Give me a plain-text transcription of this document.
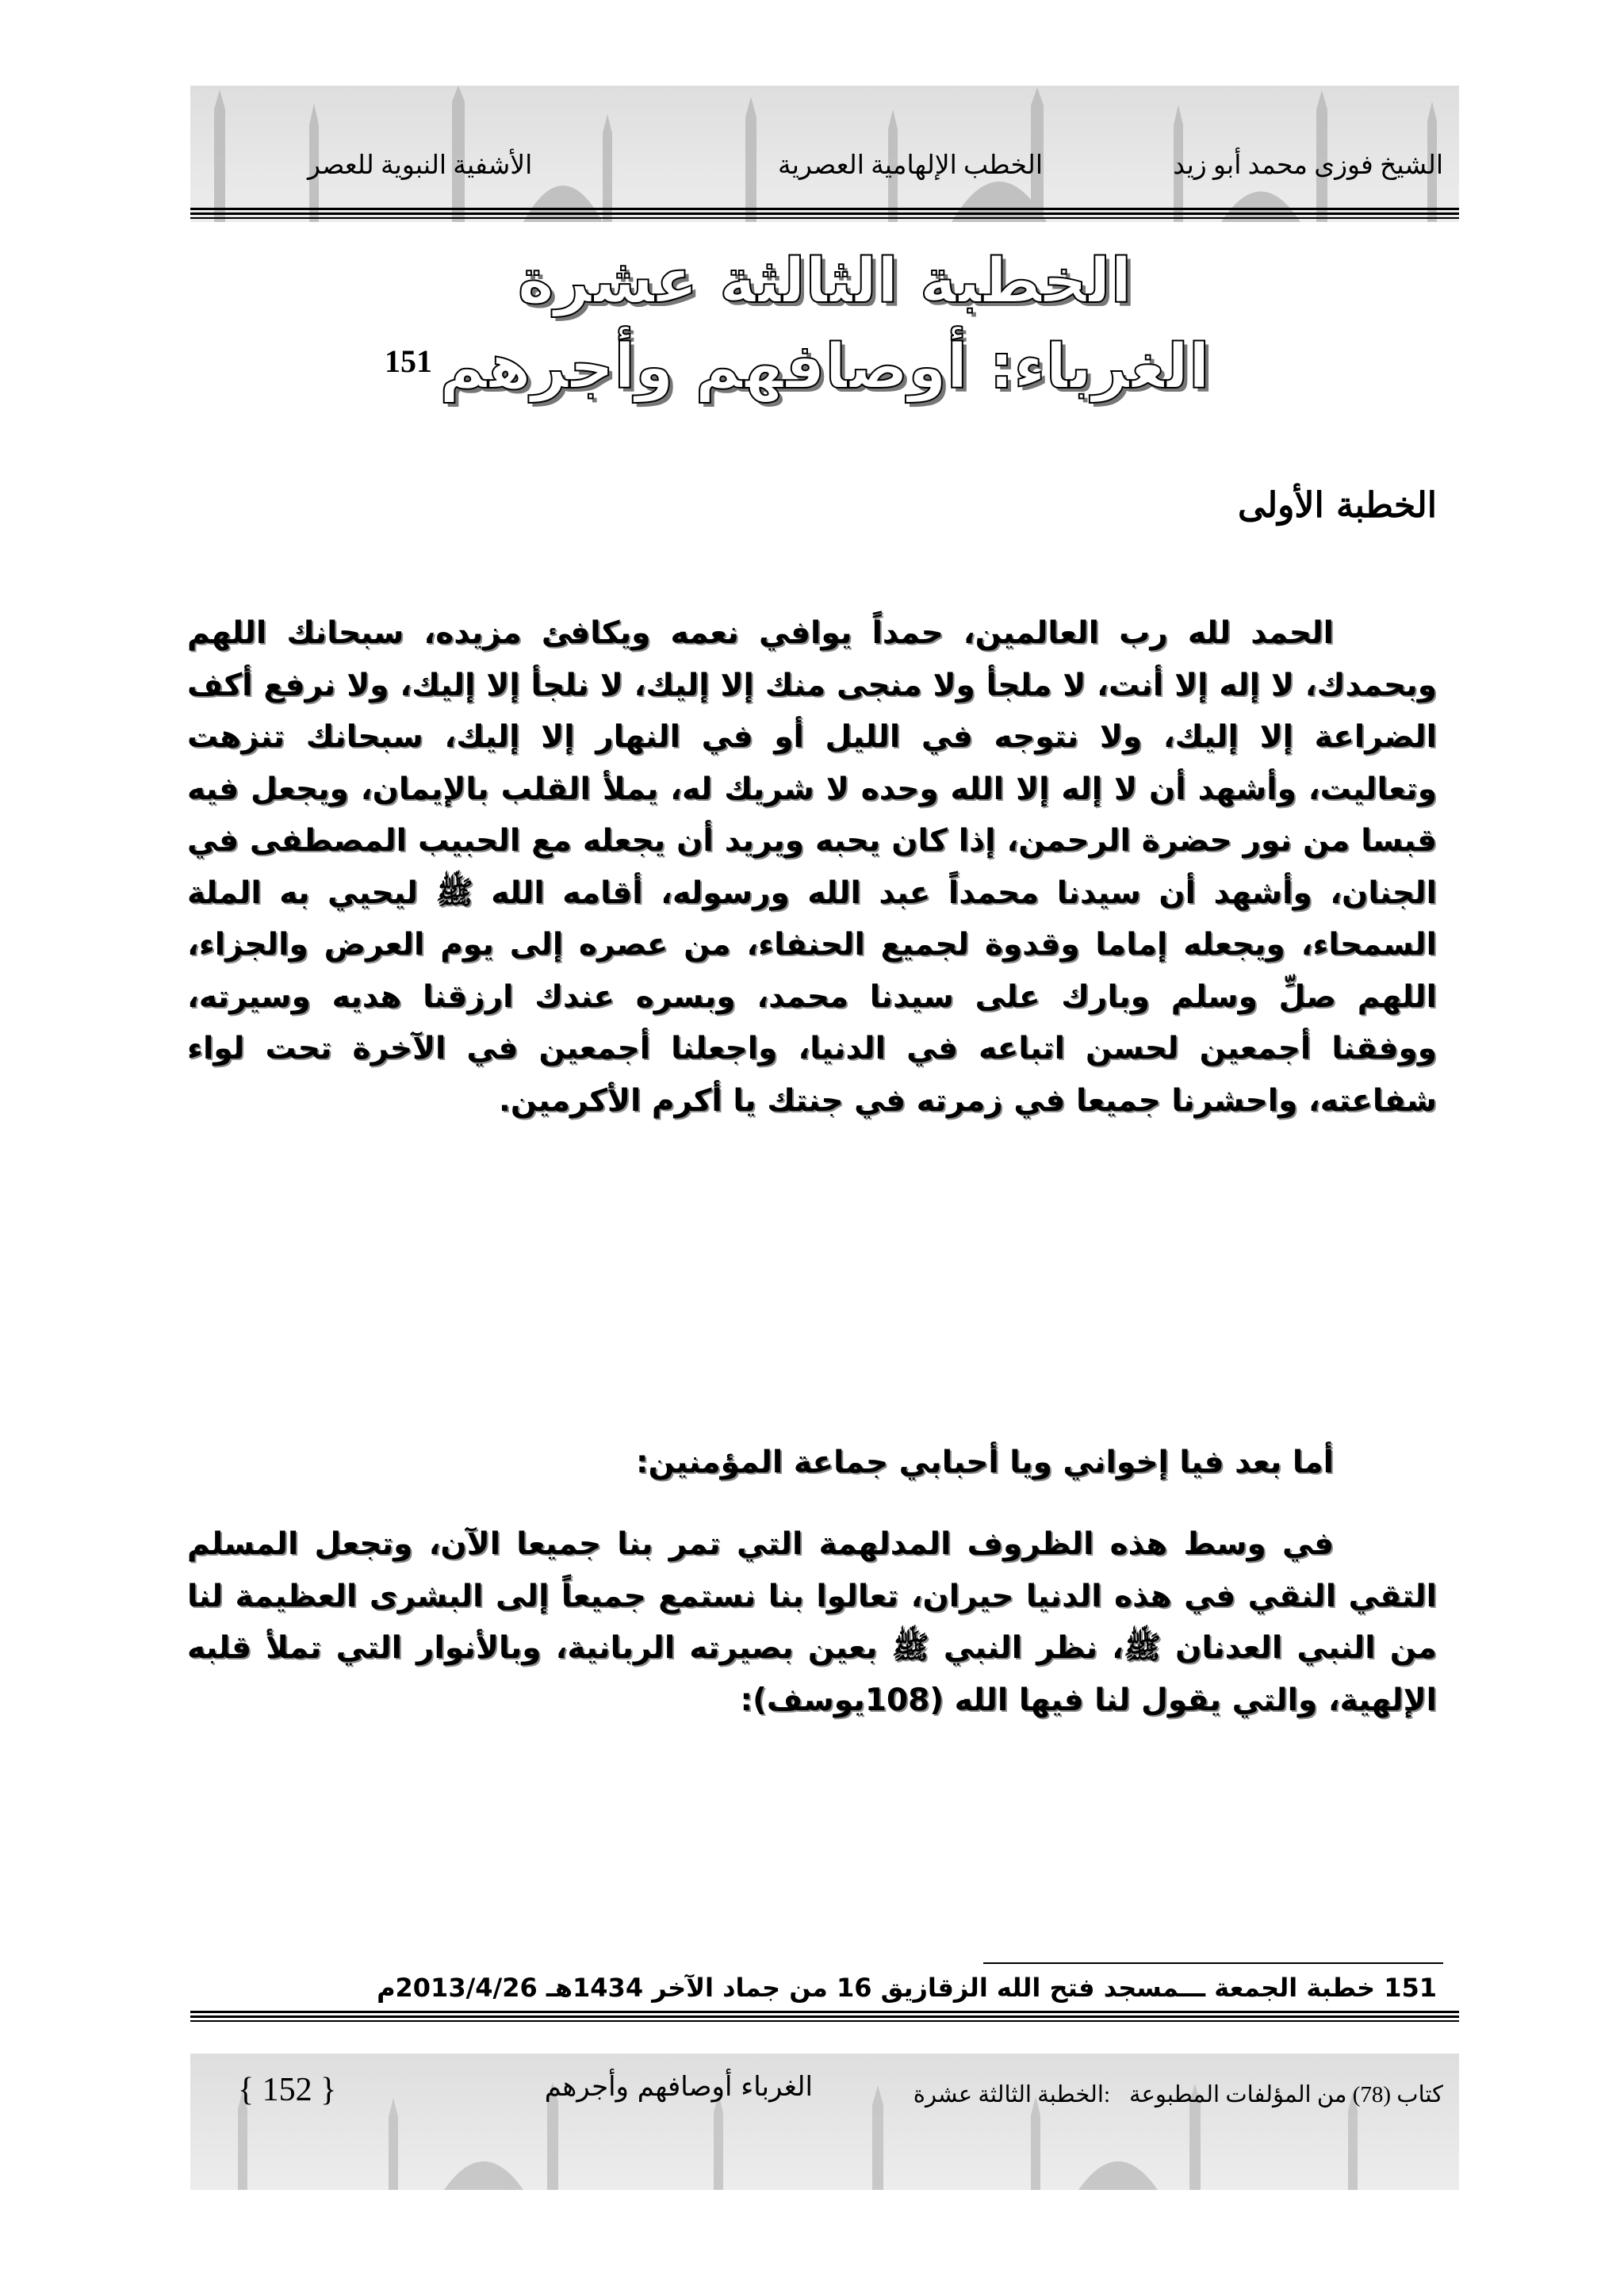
الشيخ فوزى محمد أبو زيد
الخطب الإلهامية العصرية
الأشفية النبوية للعصر
الخطبة الثالثة عشرة
الغرباء: أوصافهم وأجرهم
151
الخطبة الأولى
الحمد لله رب العالمين، حمداً يوافي نعمه ويكافئ مزيده، سبحانك اللهم وبحمدك، لا إله إلا أنت، لا ملجأ ولا منجى منك إلا إليك، لا نلجأ إلا إليك، ولا نرفع أكف الضراعة إلا إليك، ولا نتوجه في الليل أو في النهار إلا إليك، سبحانك تنزهت وتعاليت، وأشهد أن لا إله إلا الله وحده لا شريك له، يملأ القلب بالإيمان، ويجعل فيه قبسا من نور حضرة الرحمن، إذا كان يحبه ويريد أن يجعله مع الحبيب المصطفى في الجنان، وأشهد أن سيدنا محمداً عبد الله ورسوله، أقامه الله ﷺ ليحيي به الملة السمحاء، ويجعله إماما وقدوة لجميع الحنفاء، من عصره إلى يوم العرض والجزاء، اللهم صلِّ وسلم وبارك على سيدنا محمد، وبسره عندك ارزقنا هديه وسيرته، ووفقنا أجمعين لحسن اتباعه في الدنيا، واجعلنا أجمعين في الآخرة تحت لواء شفاعته، واحشرنا جميعا في زمرته في جنتك يا أكرم الأكرمين.
أما بعد فيا إخواني ويا أحبابي جماعة المؤمنين:
في وسط هذه الظروف المدلهمة التي تمر بنا جميعا الآن، وتجعل المسلم التقي النقي في هذه الدنيا حيران، تعالوا بنا نستمع جميعاً إلى البشرى العظيمة لنا من النبي العدنان ﷺ، نظر النبي ﷺ بعين بصيرته الربانية، وبالأنوار التي تملأ قلبه الإلهية، والتي يقول لنا فيها الله (108يوسف):
151 خطبة الجمعة ـــمسجد فتح الله الزقازيق 16 من جماد الآخر 1434هـ 2013/4/26م
كتاب (78) من المؤلفات المطبوعة
الخطبة الثالثة عشرة:
الغرباء أوصافهم وأجرهم
{ 152 }
